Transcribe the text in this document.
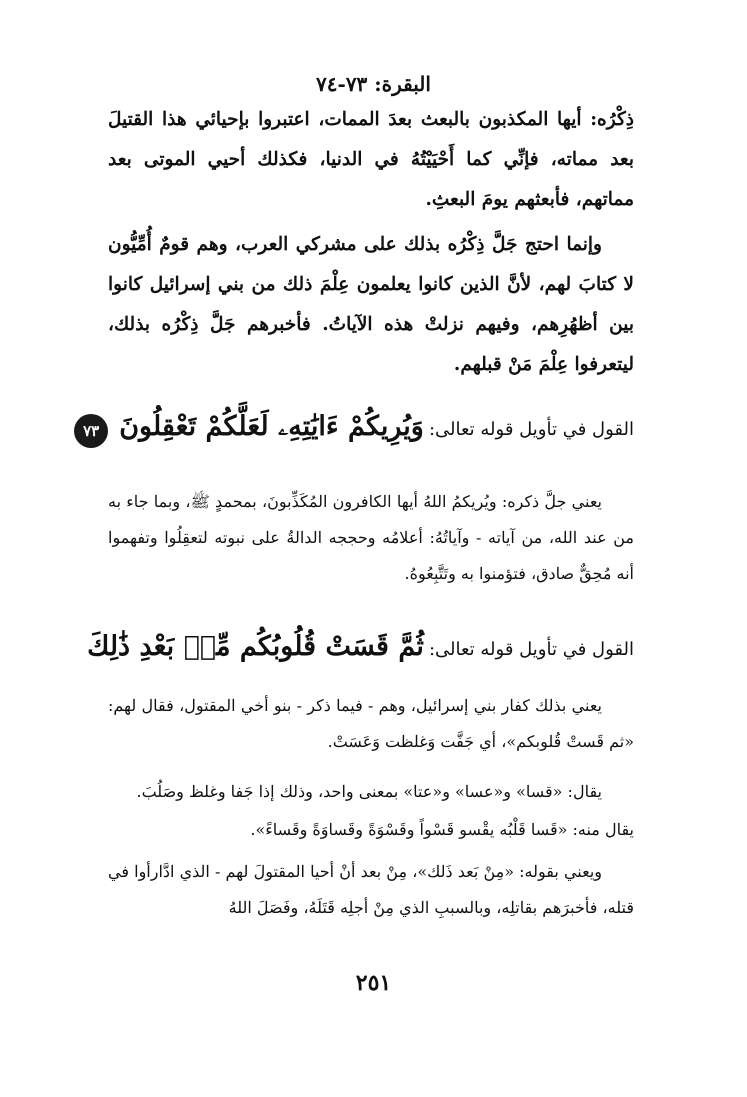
البقرة: ٧٣-٧٤

ذِكْرُه: أيها المكذبون بالبعث بعدَ الممات، اعتبروا بإحيائي هذا القتيلَ بعد مماته، فإنِّي كما أَحْيَيْتُهُ في الدنيا، فكذلك أحيي الموتى بعد مماتهم، فأبعثهم يومَ البعثِ.

وإنما احتج جَلَّ ذِكْرُه بذلك على مشركي العرب، وهم قومٌ أُمِّيُّون لا كتابَ لهم، لأنَّ الذين كانوا يعلمون عِلْمَ ذلك من بني إسرائيل كانوا بين أظهُرِهم، وفيهم نزلتْ هذه الآياتُ. فأخبرهم جَلَّ ذِكْرُه بذلك، ليتعرفوا عِلْمَ مَنْ قبلهم.

القول في تأويل قوله تعالى: وَيُرِيكُمْ ءَايَٰتِهِۦ لَعَلَّكُمْ تَعْقِلُونَ ٧٣

يعني جلَّ ذكره: ويُريكمُ اللهُ أيها الكافرون المُكَذِّبونَ، بمحمدٍ ﷺ، وبما جاء به من عند الله، من آياته - وآياتُهُ: أعلامُه وحججه الدالةُ على نبوته لتعقِلُوا وتفهموا أنه مُحِقٌّ صادق، فتؤمنوا به وتَتَّبِعُوهُ.

القول في تأويل قوله تعالى: ثُمَّ قَسَتْ قُلُوبُكُم مِّنۢ بَعْدِ ذَٰلِكَ

يعني بذلك كفار بني إسرائيل، وهم - فيما ذكر - بنو أخي المقتول، فقال لهم: «ثم قَستْ قُلوبكم»، أي جَفَّت وَغلظت وَعَسَتْ.

يقال: «قسا» و«عسا» و«عتا» بمعنى واحد، وذلك إذا جَفا وغلظ وصَلُبَ.

يقال منه: «قَسا قَلْبُه يقْسو قَسْواً وقَسْوَةً وقَساوَةً وقَساءً».

ويعني بقوله: «مِنْ بَعد ذَلك»، مِنْ بعد أنْ أحيا المقتولَ لهم - الذي ادَّارأوا في قتله، فأخبرَهم بقاتلِه، وبالسببِ الذي مِنْ أجلِه قَتَلَهُ، وفَصَلَ اللهُ

٢٥١
